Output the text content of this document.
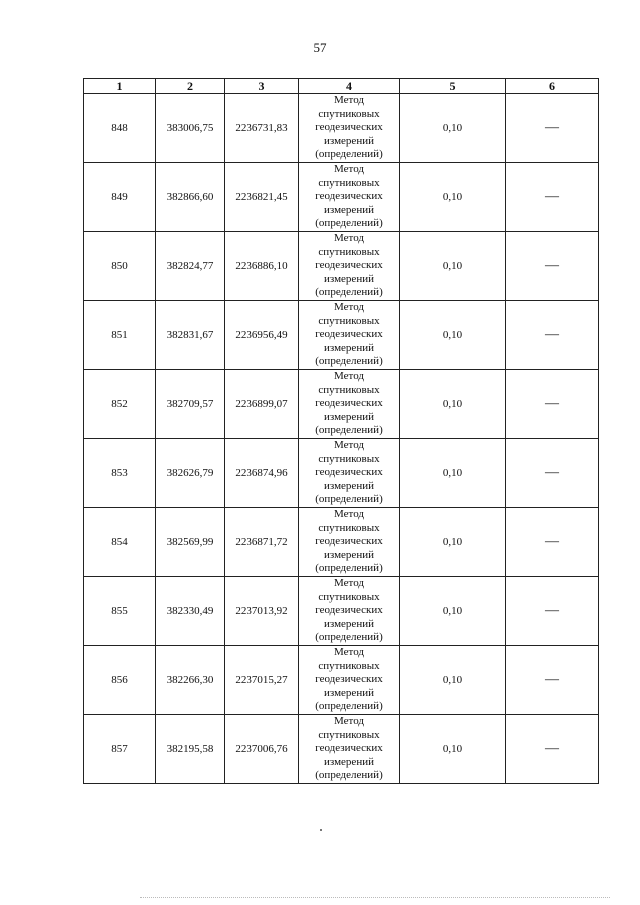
57
1	2	3	4	5	6
848	383006,75	2236731,83	Метод
спутниковых
геодезических
измерений
(определений)	0,10	—
849	382866,60	2236821,45	Метод
спутниковых
геодезических
измерений
(определений)	0,10	—
850	382824,77	2236886,10	Метод
спутниковых
геодезических
измерений
(определений)	0,10	—
851	382831,67	2236956,49	Метод
спутниковых
геодезических
измерений
(определений)	0,10	—
852	382709,57	2236899,07	Метод
спутниковых
геодезических
измерений
(определений)	0,10	—
853	382626,79	2236874,96	Метод
спутниковых
геодезических
измерений
(определений)	0,10	—
854	382569,99	2236871,72	Метод
спутниковых
геодезических
измерений
(определений)	0,10	—
855	382330,49	2237013,92	Метод
спутниковых
геодезических
измерений
(определений)	0,10	—
856	382266,30	2237015,27	Метод
спутниковых
геодезических
измерений
(определений)	0,10	—
857	382195,58	2237006,76	Метод
спутниковых
геодезических
измерений
(определений)	0,10	—
